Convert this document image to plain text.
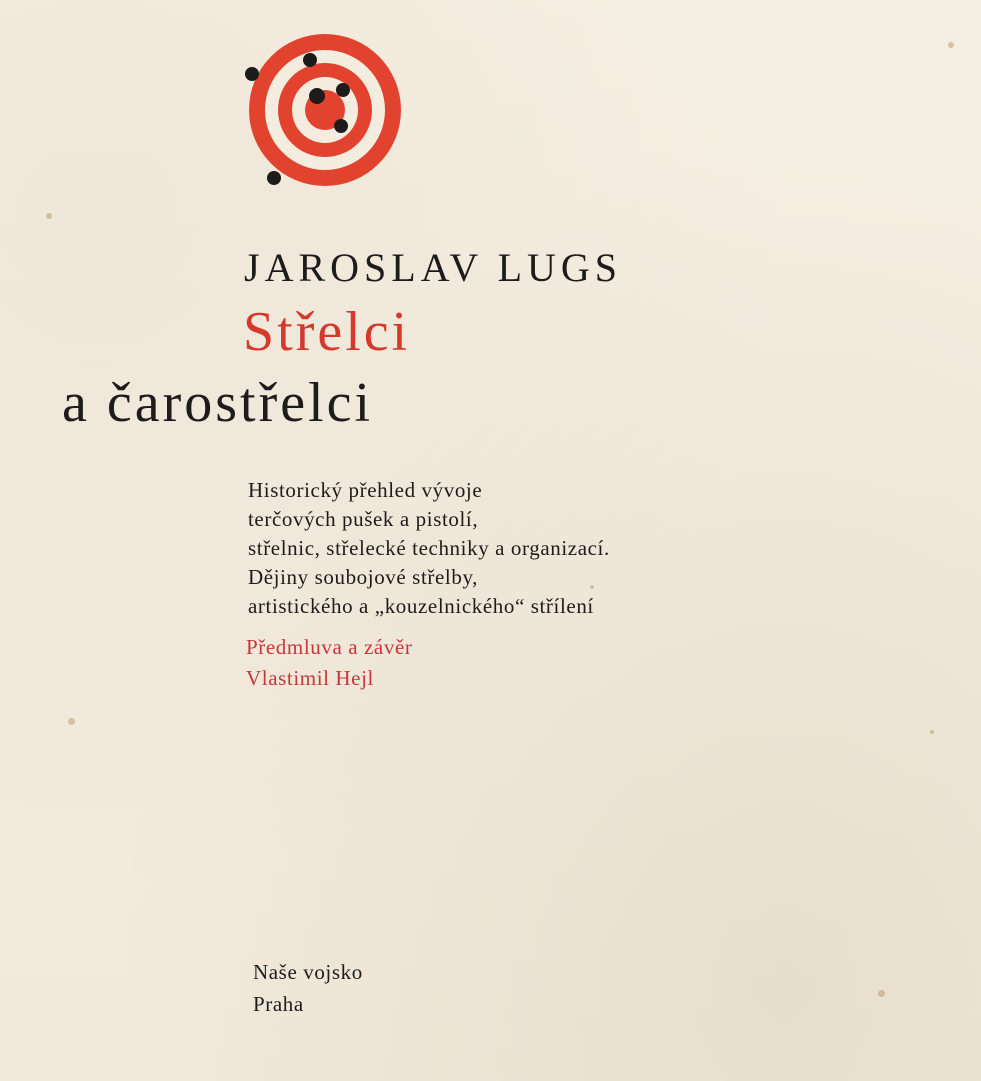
JAROSLAV LUGS
Střelci
a čarostřelci
Historický přehled vývoje
terčových pušek a pistolí,
střelnic, střelecké techniky a organizací.
Dějiny soubojové střelby,
artistického a „kouzelnického“ střílení
Předmluva a závěr
Vlastimil Hejl
Naše vojsko
Praha
